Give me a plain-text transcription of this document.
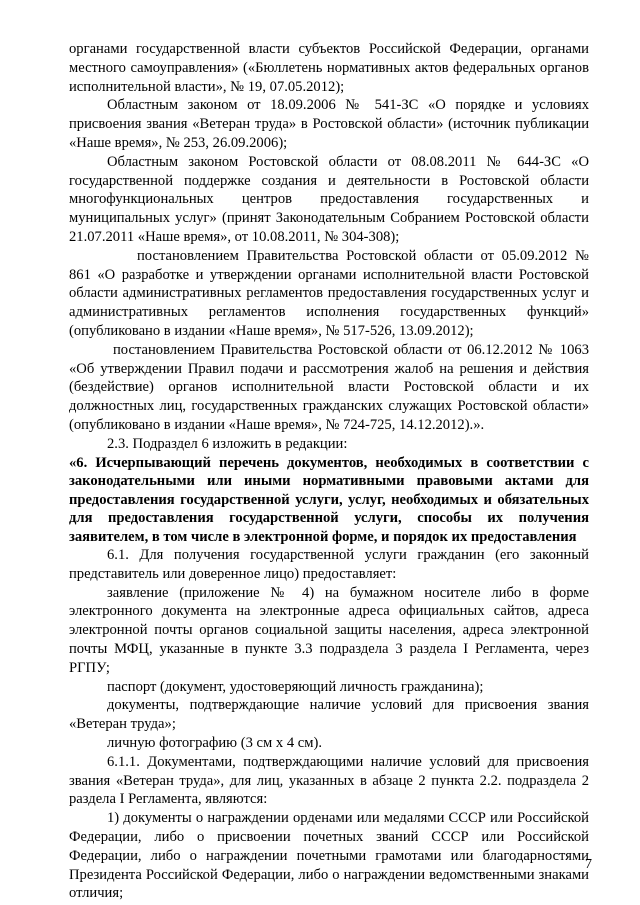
органами государственной власти субъектов Российской Федерации, органами местного самоуправления» («Бюллетень нормативных актов федеральных органов исполнительной власти», № 19, 07.05.2012);

Областным законом от 18.09.2006 № 541-ЗС «О порядке и условиях присвоения звания «Ветеран труда» в Ростовской области» (источник публикации «Наше время», № 253, 26.09.2006);

Областным законом Ростовской области от 08.08.2011 № 644-ЗС «О государственной поддержке создания и деятельности в Ростовской области многофункциональных центров предоставления государственных и муниципальных услуг» (принят Законодательным Собранием Ростовской области 21.07.2011 «Наше время», от 10.08.2011, № 304-308);

постановлением Правительства Ростовской области от 05.09.2012 № 861 «О разработке и утверждении органами исполнительной власти Ростовской области административных регламентов предоставления государственных услуг и административных регламентов исполнения государственных функций» (опубликовано в издании «Наше время», № 517-526, 13.09.2012);

постановлением Правительства Ростовской области от 06.12.2012 № 1063 «Об утверждении Правил подачи и рассмотрения жалоб на решения и действия (бездействие) органов исполнительной власти Ростовской области и их должностных лиц, государственных гражданских служащих Ростовской области» (опубликовано в издании «Наше время», № 724-725, 14.12.2012).».

2.3. Подраздел 6 изложить в редакции:

«6. Исчерпывающий перечень документов, необходимых в соответствии с законодательными или иными нормативными правовыми актами для предоставления государственной услуги, услуг, необходимых и обязательных для предоставления государственной услуги, способы их получения заявителем, в том числе в электронной форме, и порядок их предоставления

6.1. Для получения государственной услуги гражданин (его законный представитель или доверенное лицо) предоставляет:

заявление (приложение № 4) на бумажном носителе либо в форме электронного документа на электронные адреса официальных сайтов, адреса электронной почты органов социальной защиты населения, адреса электронной почты МФЦ, указанные в пункте 3.3 подраздела 3 раздела I Регламента, через РГПУ;

паспорт (документ, удостоверяющий личность гражданина);

документы, подтверждающие наличие условий для присвоения звания «Ветеран труда»;

личную фотографию (3 см х 4 см).

6.1.1. Документами, подтверждающими наличие условий для присвоения звания «Ветеран труда», для лиц, указанных в абзаце 2 пункта 2.2. подраздела 2 раздела I Регламента, являются:

1) документы о награждении орденами или медалями СССР или Российской Федерации, либо о присвоении почетных званий СССР или Российской Федерации, либо о награждении почетными грамотами или благодарностями Президента Российской Федерации, либо о награждении ведомственными знаками отличия;

7
